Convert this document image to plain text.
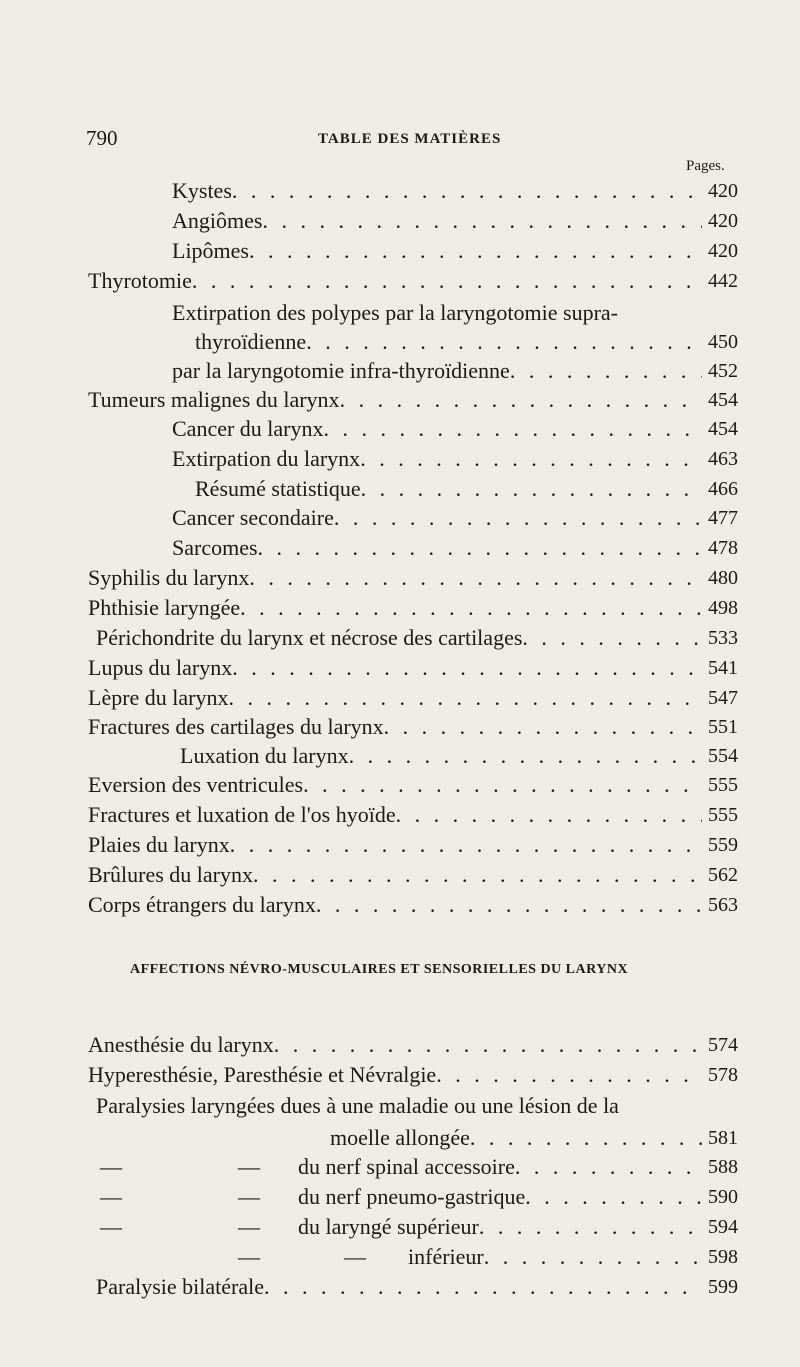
790	TABLE DES MATIÈRES
Pages.
Kystes . . .	420
Angiômes . . .	420
Lipômes . . .	420
Thyrotomie . . .	442
Extirpation des polypes par la laryngotomie supra-
thyroïdienne . . .	450
par la laryngotomie infra-thyroïdienne . . .	452
Tumeurs malignes du larynx . . .	454
Cancer du larynx . . .	454
Extirpation du larynx . . .	463
Résumé statistique . . .	466
Cancer secondaire . . .	477
Sarcomes . . .	478
Syphilis du larynx . . .	480
Phthisie laryngée . . .	498
Périchondrite du larynx et nécrose des cartilages . . .	533
Lupus du larynx . . .	541
Lèpre du larynx . . .	547
Fractures des cartilages du larynx . . .	551
Luxation du larynx . . .	554
Eversion des ventricules . . .	555
Fractures et luxation de l'os hyoïde . . .	555
Plaies du larynx . . .	559
Brûlures du larynx . . .	562
Corps étrangers du larynx . . .	563
AFFECTIONS NÉVRO-MUSCULAIRES ET SENSORIELLES DU LARYNX
Anesthésie du larynx . . .	574
Hyperesthésie, Paresthésie et Névralgie . . .	578
Paralysies laryngées dues à une maladie ou une lésion de la
moelle allongée . . .	581
—	— du nerf spinal accessoire . . .	588
—	— du nerf pneumo-gastrique . . .	590
—	— du laryngé supérieur . . .	594
—	— inférieur . . .	598
Paralysie bilatérale . . .	599
